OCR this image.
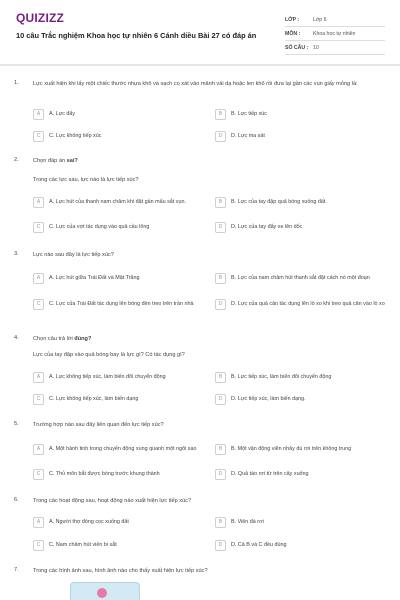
QUIZIZZ
10 câu Trắc nghiệm Khoa học tự nhiên 6 Cánh diều Bài 27 có đáp án
LỚP :	Lớp 6
MÔN :	Khoa học tự nhiên
SỐ CÂU : 10
1.	Lực xuất hiện khi lấy một chiếc thước nhựa khô và sạch cọ xát vào mảnh vải dạ hoặc len khô rồi đưa lại gần các vụn giấy mỏng là:
A	A. Lực đẩy	B	B. Lực tiếp xúc
C	C. Lực không tiếp xúc	D	D. Lực ma sát
2.	Chọn đáp án sai?
Trong các lực sau, lực nào là lực tiếp xúc?
A	A. Lực hút của thanh nam châm khi đặt gần mẩu sắt vụn.	B	B. Lực của tay đập quả bóng xuống đất.
C	C. Lực của vợt tác dụng vào quả cầu lông	D	D. Lực của tay đẩy xe lên dốc
3.	Lực nào sau đây là lực tiếp xúc?
A	A. Lực hút giữa Trái Đất và Mặt Trăng	B	B. Lực của nam châm hút thanh sắt đặt cách nó một đoạn
C	C. Lực của Trái Đất tác dụng lên bóng đèn treo trên trần nhà	D	D. Lực của quả cân tác dụng lên lò xo khi treo quả cân vào lò xo
4.	Chọn câu trả lời đúng?
Lực của tay đập vào quả bóng bay là lực gì? Có tác dụng gì?
A	A. Lực không tiếp xúc, làm biến đổi chuyển động	B	B. Lực tiếp xúc, làm biến đổi chuyển động
C	C. Lực không tiếp xúc, làm biến dạng	D	D. Lực tiếp xúc, làm biến dạng.
5.	Trường hợp nào sau đây liên quan đến lực tiếp xúc?
A	A. Một hành tinh trong chuyển động xung quanh một ngôi sao	B	B. Một vận động viên nhảy dù rơi trên không trung
C	C. Thủ môn bắt được bóng trước khung thành	D	D. Quả táo rơi từ trên cây xuống
6.	Trong các hoạt động sau, hoạt động nào xuất hiện lực tiếp xúc?
A	A. Người thợ đóng cọc xuống đất	B	B. Viên đá rơi
C	C. Nam châm hút viên bi sắt	D	D. Cả B và C đều đúng
7.	Trong các hình ảnh sau, hình ảnh nào cho thấy xuất hiện lực tiếp xúc?
